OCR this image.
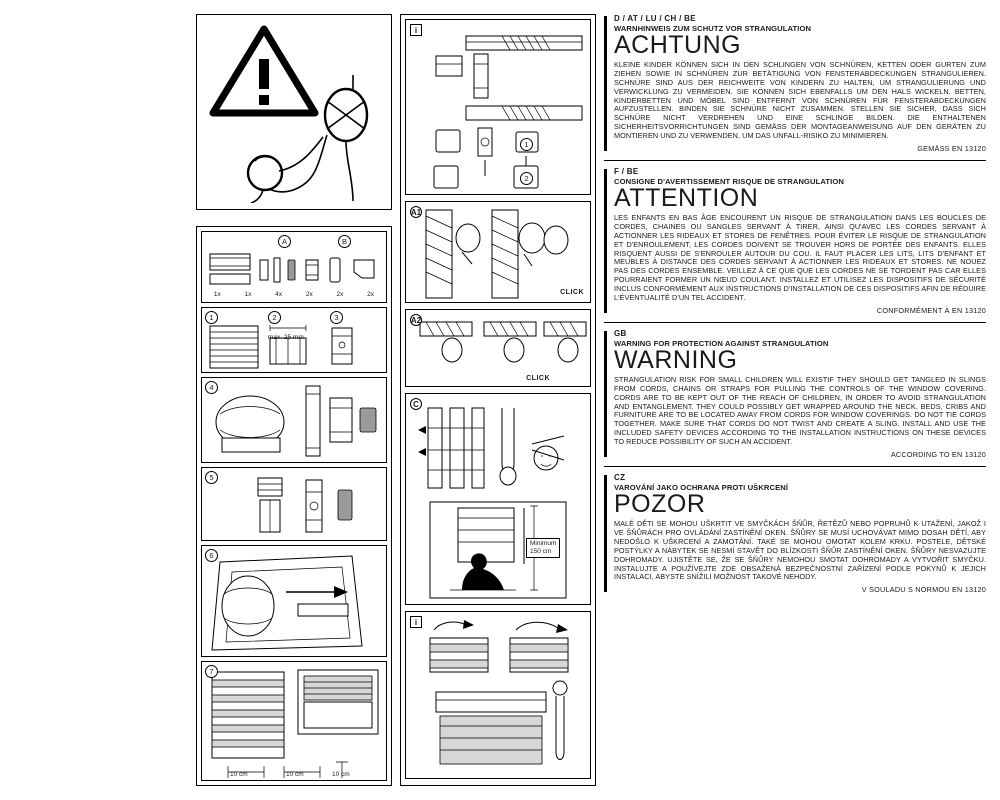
A	B
1x	1x	4x	2x	2x	2x
1	2	3
max. 25 mm
4
5
6
7
10 cm	10 cm	10 cm
i
1
2
A1
CLICK
A2
CLICK
C
Minimum
150 cm
i
D / AT / LU / CH / BE
WARNHINWEIS ZUM SCHUTZ VOR STRANGULATION
ACHTUNG

KLEINE KINDER KÖNNEN SICH IN DEN SCHLINGEN VON SCHNÜREN, KETTEN ODER GURTEN ZUM ZIEHEN SOWIE IN SCHNÜREN ZUR BETÄTIGUNG VON FENSTERABDECKUNGEN STRANGULIEREN. SCHNÜRE SIND AUS DER REICHWEITE VON KINDERN ZU HALTEN, UM STRANGULIERUNG UND VERWICKLUNG ZU VERMEIDEN. SIE KÖNNEN SICH EBENFALLS UM DEN HALS WICKELN. BETTEN, KINDERBETTEN UND MÖBEL SIND ENTFERNT VON SCHNÜREN FÜR FENSTERABDECKUNGEN AUFZUSTELLEN. BINDEN SIE SCHNÜRE NICHT ZUSAMMEN. STELLEN SIE SICHER, DASS SICH SCHNÜRE NICHT VERDREHEN UND EINE SCHLINGE BILDEN. DIE ENTHALTENEN SICHERHEITSVORRICHTUNGEN SIND GEMÄSS DER MONTAGEANWEISUNG AUF DEN GERÄTEN ZU MONTIEREN UND ZU VERWENDEN, UM DAS UNFALL-RISIKO ZU MINIMIEREN.

GEMÄSS EN 13120
F / BE
CONSIGNE D'AVERTISSEMENT RISQUE DE STRANGULATION
ATTENTION

LES ENFANTS EN BAS ÂGE ENCOURENT UN RISQUE DE STRANGULATION DANS LES BOUCLES DE CORDES, CHAINES OU SANGLES SERVANT À TIRER, AINSI QU'AVEC LES CORDES SERVANT À ACTIONNER LES RIDEAUX ET STORES DE FENÊTRES. POUR ÉVITER LE RISQUE DE STRANGULATION ET D'ENROULEMENT, LES CORDES DOIVENT SE TROUVER HORS DE PORTÉE DES ENFANTS. ELLES RISQUENT AUSSI DE S'ENROULER AUTOUR DU COU. IL FAUT PLACER LES LITS, LITS D'ENFANT ET MEUBLES À DISTANCE DES CORDES SERVANT À ACTIONNER LES RIDEAUX ET STORES. NE NOUEZ PAS DES CORDES ENSEMBLE. VEILLEZ À CE QUE QUE LES CORDES NE SE TORDENT PAS CAR ELLES POURRAIENT FORMER UN NŒUD COULANT. INSTALLEZ ET UTILISEZ LES DISPOSITIFS DE SÉCURITÉ INCLUS CONFORMÉMENT AUX INSTRUCTIONS D'INSTALLATION DE CES DISPOSITIFS AFIN DE RÉDUIRE L'ÉVENTUALITÉ D'UN TEL ACCIDENT.

CONFORMÉMENT À EN 13120
GB
WARNING FOR PROTECTION AGAINST STRANGULATION
WARNING

STRANGULATION RISK FOR SMALL CHILDREN WILL EXISTIF THEY SHOULD GET TANGLED IN SLINGS FROM CORDS, CHAINS OR STRAPS FOR PULLING THE CONTROLS OF THE WINDOW COVERING. CORDS ARE TO BE KEPT OUT OF THE REACH OF CHILDREN, IN ORDER TO AVOID STRANGULATION AND ENTANGLEMENT. THEY COULD POSSIBLY GET WRAPPED AROUND THE NECK. BEDS, CRIBS AND FURNITURE ARE TO BE LOCATED AWAY FROM CORDS FOR WINDOW COVERINGS. DO NOT TIE CORDS TOGETHER. MAKE SURE THAT CORDS DO NOT TWIST AND CREATE A SLING. INSTALL AND USE THE INCLUDED SAFETY DEVICES ACCORDING TO THE INSTALLATION INSTRUCTIONS ON THESE DEVICES TO REDUCE POSSIBILITY OF SUCH AN ACCIDENT.

ACCORDING TO EN 13120
CZ
VAROVÁNÍ JAKO OCHRANA PROTI UŠKRCENÍ
POZOR

MALÉ DĚTI SE MOHOU UŠKRTIT VE SMYČKÁCH ŠŇŮR, ŘETĚZŮ NEBO POPRUHŮ K UTAŽENÍ, JAKOŽ I VE ŠŇŮRÁCH PRO OVLÁDÁNÍ ZASTÍNĚNÍ OKEN. ŠŇŮRY SE MUSÍ UCHOVÁVAT MIMO DOSAH DĚTÍ, ABY NEDOŠLO K UŠKRCENÍ A ZAMOTÁNÍ. TAKÉ SE MOHOU OMOTAT KOLEM KRKU. POSTELE, DĚTSKÉ POSTÝLKY A NÁBYTEK SE NESMÍ STAVĚT DO BLÍZKOSTI ŠŇŮR ZASTÍNĚNÍ OKEN. ŠŇŮRY NESVAZUJTE DOHROMADY. UJISTĚTE SE, ŽE SE ŠŇŮRY NEMOHOU SMOTAT DOHROMADY A VYTVOŘIT SMYČKU. INSTALUJTE A POUŽÍVEJTE ZDE OBSAŽENÁ BEZPEČNOSTNÍ ZAŘÍZENÍ PODLE POKYNŮ K JEJICH INSTALACI, ABYSTE SNÍŽILI MOŽNOST TAKOVÉ NEHODY.

V SOULADU S NORMOU EN 13120
